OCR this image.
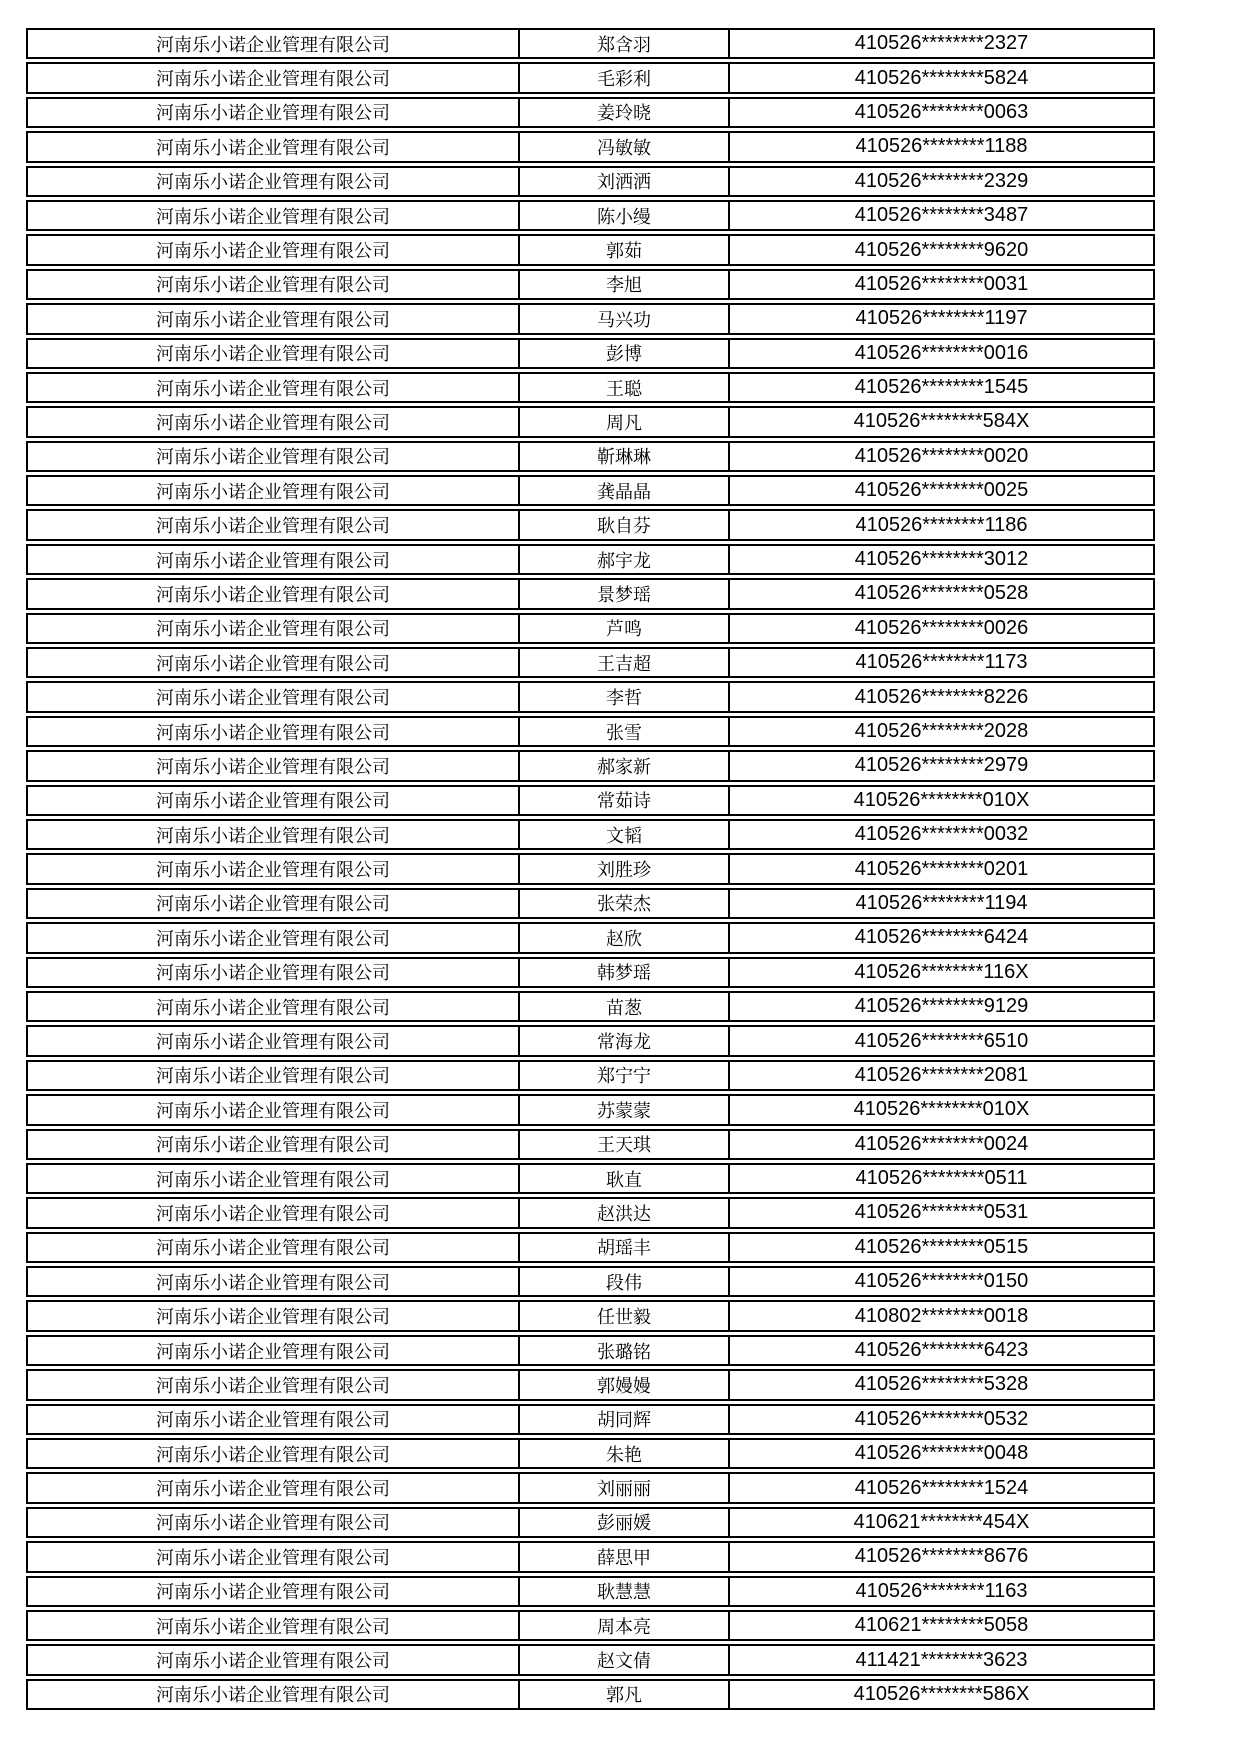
河南乐小诺企业管理有限公司	郑含羽	410526********2327
河南乐小诺企业管理有限公司	毛彩利	410526********5824
河南乐小诺企业管理有限公司	姜玲晓	410526********0063
河南乐小诺企业管理有限公司	冯敏敏	410526********1188
河南乐小诺企业管理有限公司	刘洒洒	410526********2329
河南乐小诺企业管理有限公司	陈小缦	410526********3487
河南乐小诺企业管理有限公司	郭茹	410526********9620
河南乐小诺企业管理有限公司	李旭	410526********0031
河南乐小诺企业管理有限公司	马兴功	410526********1197
河南乐小诺企业管理有限公司	彭博	410526********0016
河南乐小诺企业管理有限公司	王聪	410526********1545
河南乐小诺企业管理有限公司	周凡	410526********584X
河南乐小诺企业管理有限公司	靳琳琳	410526********0020
河南乐小诺企业管理有限公司	龚晶晶	410526********0025
河南乐小诺企业管理有限公司	耿自芬	410526********1186
河南乐小诺企业管理有限公司	郝宇龙	410526********3012
河南乐小诺企业管理有限公司	景梦瑶	410526********0528
河南乐小诺企业管理有限公司	芦鸣	410526********0026
河南乐小诺企业管理有限公司	王吉超	410526********1173
河南乐小诺企业管理有限公司	李哲	410526********8226
河南乐小诺企业管理有限公司	张雪	410526********2028
河南乐小诺企业管理有限公司	郝家新	410526********2979
河南乐小诺企业管理有限公司	常茹诗	410526********010X
河南乐小诺企业管理有限公司	文韬	410526********0032
河南乐小诺企业管理有限公司	刘胜珍	410526********0201
河南乐小诺企业管理有限公司	张荣杰	410526********1194
河南乐小诺企业管理有限公司	赵欣	410526********6424
河南乐小诺企业管理有限公司	韩梦瑶	410526********116X
河南乐小诺企业管理有限公司	苗葱	410526********9129
河南乐小诺企业管理有限公司	常海龙	410526********6510
河南乐小诺企业管理有限公司	郑宁宁	410526********2081
河南乐小诺企业管理有限公司	苏蒙蒙	410526********010X
河南乐小诺企业管理有限公司	王天琪	410526********0024
河南乐小诺企业管理有限公司	耿直	410526********0511
河南乐小诺企业管理有限公司	赵洪达	410526********0531
河南乐小诺企业管理有限公司	胡瑶丰	410526********0515
河南乐小诺企业管理有限公司	段伟	410526********0150
河南乐小诺企业管理有限公司	任世毅	410802********0018
河南乐小诺企业管理有限公司	张璐铭	410526********6423
河南乐小诺企业管理有限公司	郭嫚嫚	410526********5328
河南乐小诺企业管理有限公司	胡同辉	410526********0532
河南乐小诺企业管理有限公司	朱艳	410526********0048
河南乐小诺企业管理有限公司	刘丽丽	410526********1524
河南乐小诺企业管理有限公司	彭丽媛	410621********454X
河南乐小诺企业管理有限公司	薛思甲	410526********8676
河南乐小诺企业管理有限公司	耿慧慧	410526********1163
河南乐小诺企业管理有限公司	周本亮	410621********5058
河南乐小诺企业管理有限公司	赵文倩	411421********3623
河南乐小诺企业管理有限公司	郭凡	410526********586X
